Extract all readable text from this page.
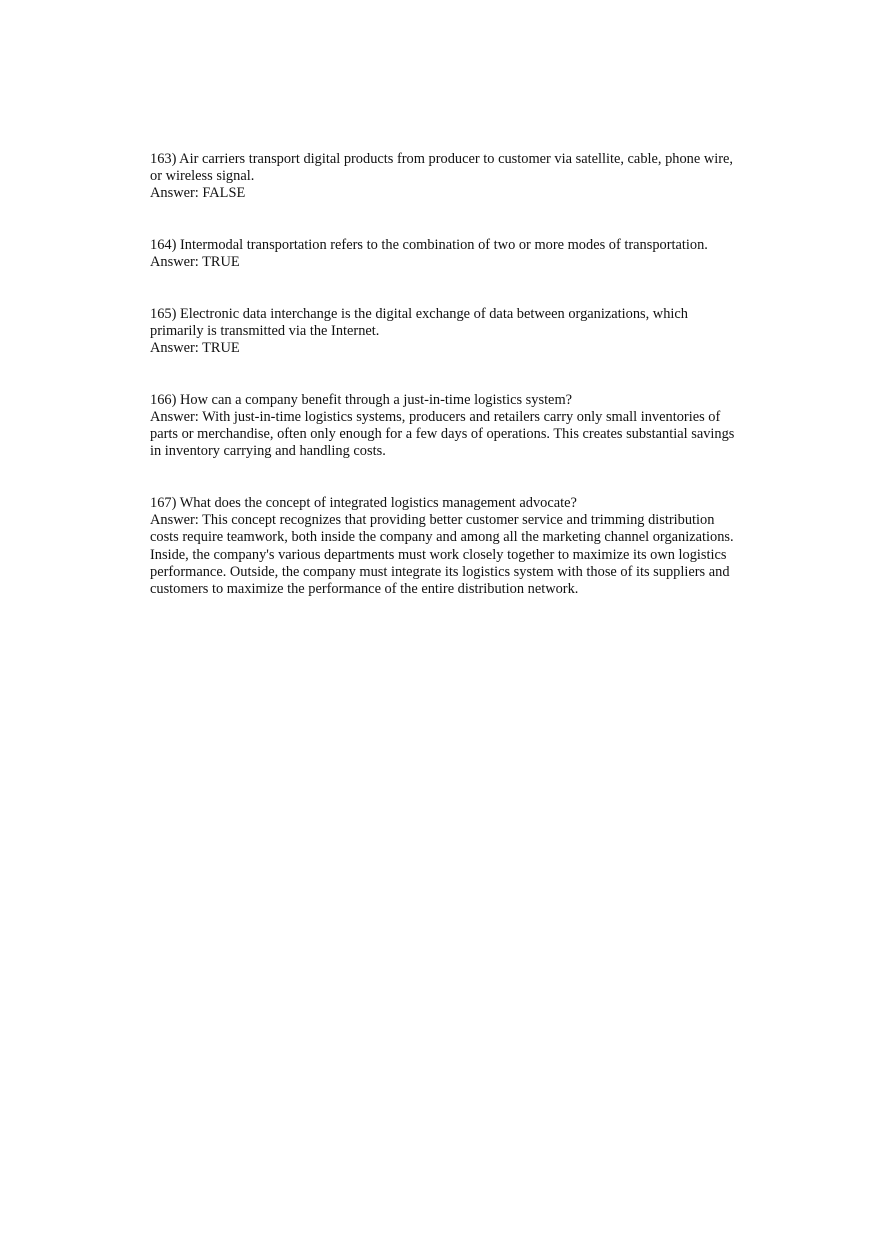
163) Air carriers transport digital products from producer to customer via satellite, cable, phone wire, or wireless signal.

Answer: FALSE

164) Intermodal transportation refers to the combination of two or more modes of transportation.

Answer: TRUE

165) Electronic data interchange is the digital exchange of data between organizations, which primarily is transmitted via the Internet.

Answer: TRUE

166) How can a company benefit through a just-in-time logistics system?

Answer: With just-in-time logistics systems, producers and retailers carry only small inventories of parts or merchandise, often only enough for a few days of operations. This creates substantial savings in inventory carrying and handling costs.

167) What does the concept of integrated logistics management advocate?

Answer: This concept recognizes that providing better customer service and trimming distribution costs require teamwork, both inside the company and among all the marketing channel organizations. Inside, the company's various departments must work closely together to maximize its own logistics performance. Outside, the company must integrate its logistics system with those of its suppliers and customers to maximize the performance of the entire distribution network.
